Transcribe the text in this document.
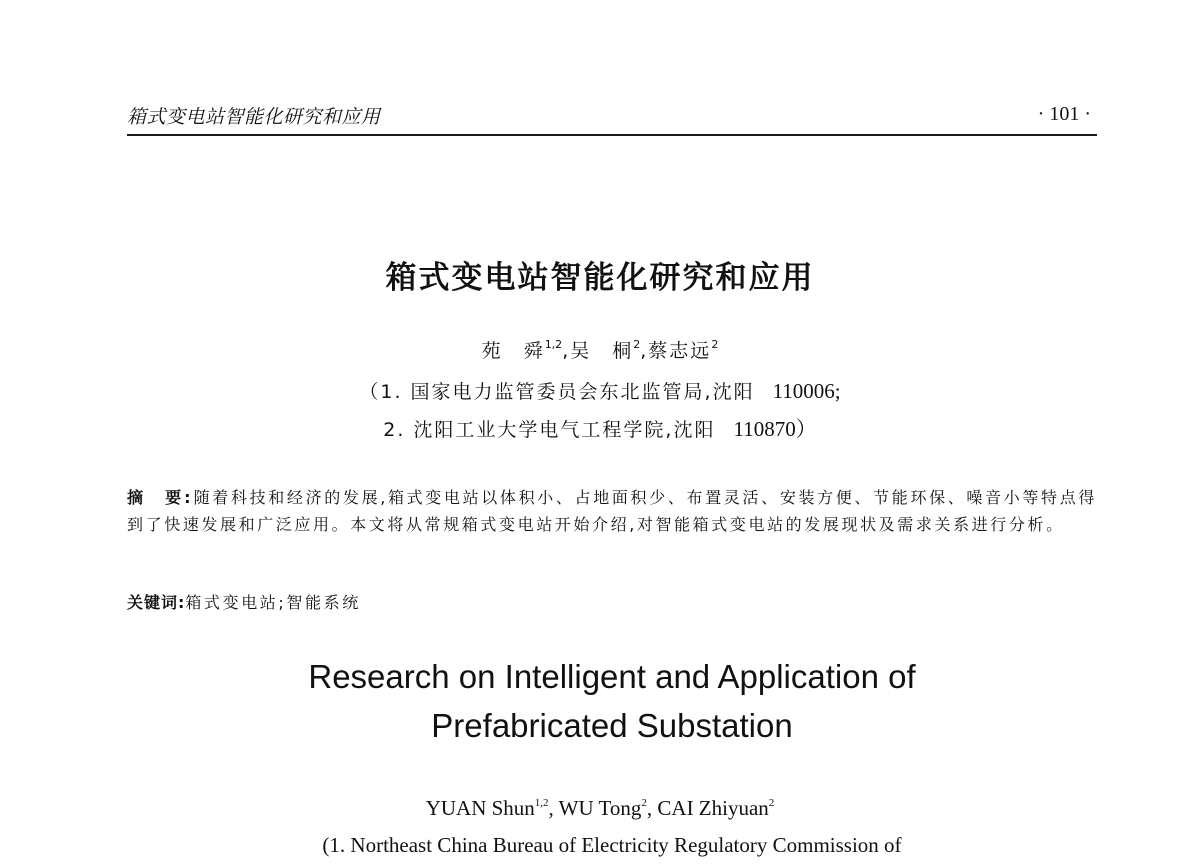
箱式变电站智能化研究和应用	· 101 ·
箱式变电站智能化研究和应用
苑　舜$^{1,2}$,吴　桐$^2$,蔡志远$^2$
（1. 国家电力监管委员会东北监管局,沈阳 110006;
2. 沈阳工业大学电气工程学院,沈阳 110870）
摘　要:随着科技和经济的发展,箱式变电站以体积小、占地面积少、布置灵活、安装方便、节能环保、噪音小等特点得到了快速发展和广泛应用。本文将从常规箱式变电站开始介绍,对智能箱式变电站的发展现状及需求关系进行分析。
关键词:箱式变电站;智能系统
Research on Intelligent and Application of
Prefabricated Substation
YUAN Shun$^{1,2}$, WU Tong$^2$, CAI Zhiyuan$^2$
(1. Northeast China Bureau of Electricity Regulatory Commission of
